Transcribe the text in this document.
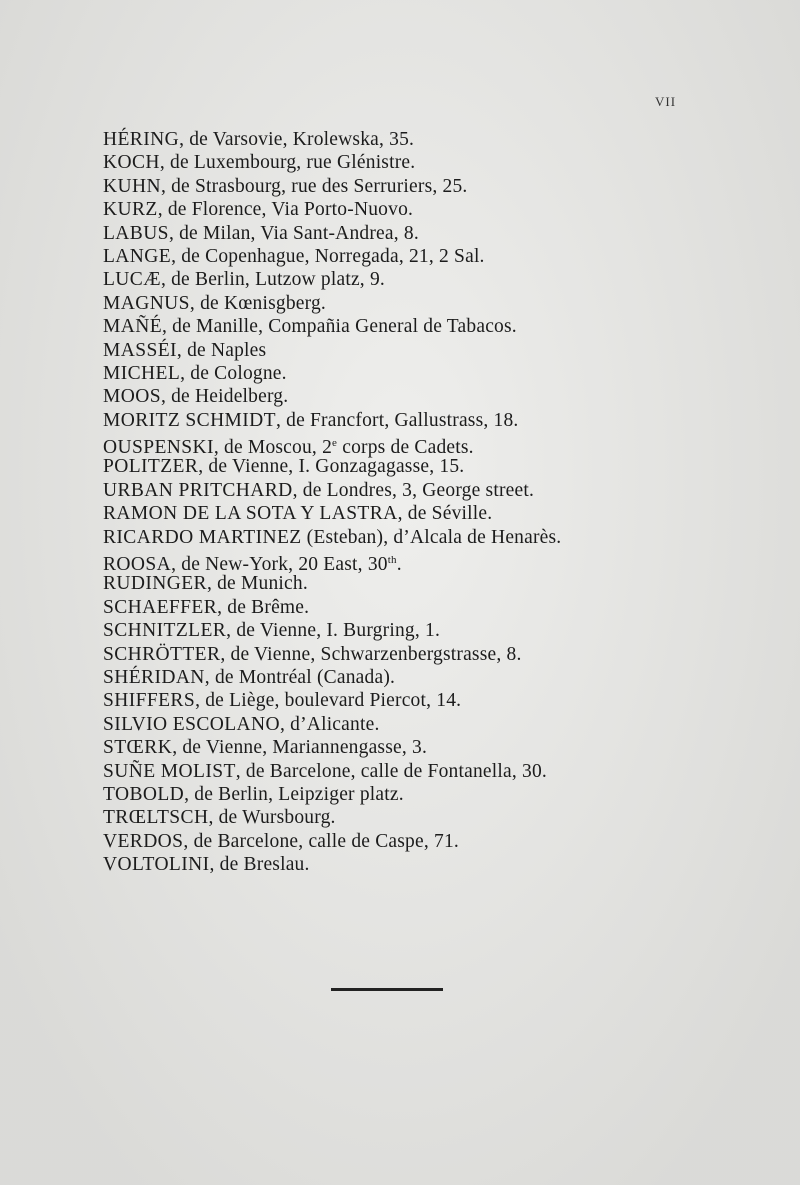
VII
HÉRING, de Varsovie, Krolewska, 35.
KOCH, de Luxembourg, rue Glénistre.
KUHN, de Strasbourg, rue des Serruriers, 25.
KURZ, de Florence, Via Porto-Nuovo.
LABUS, de Milan, Via Sant-Andrea, 8.
LANGE, de Copenhague, Norregada, 21, 2 Sal.
LUCÆ, de Berlin, Lutzow platz, 9.
MAGNUS, de Kœnisgberg.
MAÑÉ, de Manille, Compañia General de Tabacos.
MASSÉI, de Naples
MICHEL, de Cologne.
MOOS, de Heidelberg.
MORITZ SCHMIDT, de Francfort, Gallustrass, 18.
OUSPENSKI, de Moscou, 2e corps de Cadets.
POLITZER, de Vienne, I. Gonzagagasse, 15.
URBAN PRITCHARD, de Londres, 3, George street.
RAMON DE LA SOTA Y LASTRA, de Séville.
RICARDO MARTINEZ (Esteban), d’Alcala de Henarès.
ROOSA, de New-York, 20 East, 30th.
RUDINGER, de Munich.
SCHAEFFER, de Brême.
SCHNITZLER, de Vienne, I. Burgring, 1.
SCHRÖTTER, de Vienne, Schwarzenbergstrasse, 8.
SHÉRIDAN, de Montréal (Canada).
SHIFFERS, de Liège, boulevard Piercot, 14.
SILVIO ESCOLANO, d’Alicante.
STŒRK, de Vienne, Mariannengasse, 3.
SUÑE MOLIST, de Barcelone, calle de Fontanella, 30.
TOBOLD, de Berlin, Leipziger platz.
TRŒLTSCH, de Wursbourg.
VERDOS, de Barcelone, calle de Caspe, 71.
VOLTOLINI, de Breslau.
